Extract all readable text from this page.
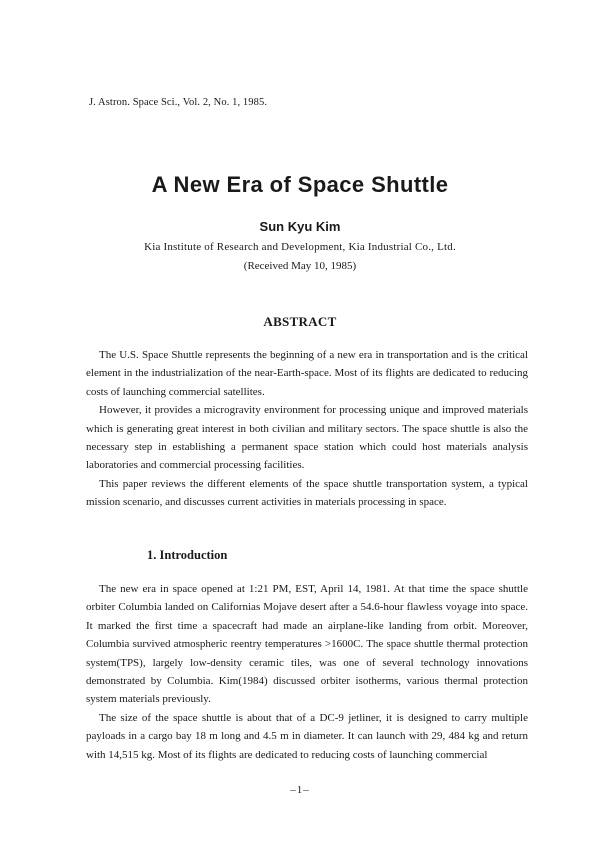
J. Astron. Space Sci., Vol. 2, No. 1, 1985.
A New Era of Space Shuttle
Sun Kyu Kim
Kia Institute of Research and Development, Kia Industrial Co., Ltd.
(Received May 10, 1985)
ABSTRACT

The U.S. Space Shuttle represents the beginning of a new era in transportation and is the critical element in the industrialization of the near-Earth-space. Most of its flights are dedicated to reducing costs of launching commercial satellites.

However, it provides a microgravity environment for processing unique and improved materials which is generating great interest in both civilian and military sectors. The space shuttle is also the necessary step in establishing a permanent space station which could host materials analysis laboratories and commercial processing facilities.

This paper reviews the different elements of the space shuttle transportation system, a typical mission scenario, and discusses current activities in materials processing in space.

1. Introduction

The new era in space opened at 1:21 PM, EST, April 14, 1981. At that time the space shuttle orbiter Columbia landed on Californias Mojave desert after a 54.6-hour flawless voyage into space. It marked the first time a spacecraft had made an airplane-like landing from orbit. Moreover, Columbia survived atmospheric reentry temperatures >1600C. The space shuttle thermal protection system(TPS), largely low-density ceramic tiles, was one of several technology innovations demonstrated by Columbia. Kim(1984) discussed orbiter isotherms, various thermal protection system materials previously.

The size of the space shuttle is about that of a DC-9 jetliner, it is designed to carry multiple payloads in a cargo bay 18 m long and 4.5 m in diameter. It can launch with 29, 484 kg and return with 14,515 kg. Most of its flights are dedicated to reducing costs of launching commercial

–1–
